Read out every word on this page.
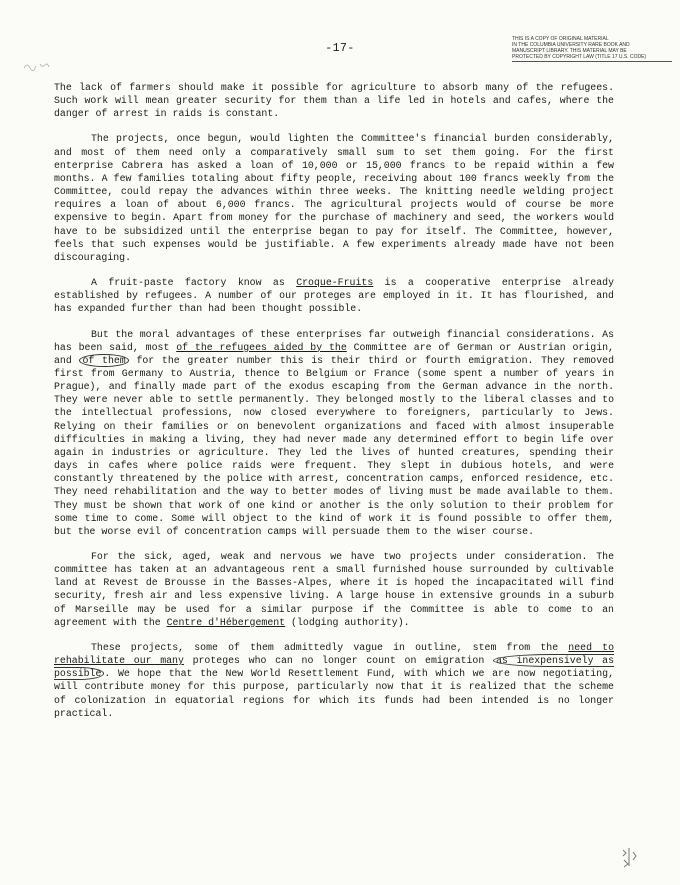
-17-
THIS IS A COPY OF ORIGINAL MATERIAL
IN THE COLUMBIA UNIVERSITY RARE BOOK AND
MANUSCRIPT LIBRARY. THIS MATERIAL MAY BE
PROTECTED BY COPYRIGHT LAW (TITLE 17 U.S. CODE)

The lack of farmers should make it possible for agriculture to absorb many of the refugees. Such work will mean greater security for them than a life led in hotels and cafes, where the danger of arrest in raids is constant.

The projects, once begun, would lighten the Committee's financial burden considerably, and most of them need only a comparatively small sum to set them going. For the first enterprise Cabrera has asked a loan of 10,000 or 15,000 francs to be repaid within a few months. A few families totaling about fifty people, receiving about 100 francs weekly from the Committee, could repay the advances within three weeks. The knitting needle welding project requires a loan of about 6,000 francs. The agricultural projects would of course be more expensive to begin. Apart from money for the purchase of machinery and seed, the workers would have to be subsidized until the enterprise began to pay for itself. The Committee, however, feels that such expenses would be justifiable. A few experiments already made have not been discouraging.

A fruit-paste factory know as Croque-Fruits is a cooperative enterprise already established by refugees. A number of our proteges are employed in it. It has flourished, and has expanded further than had been thought possible.

But the moral advantages of these enterprises far outweigh financial considerations. As has been said, most of the refugees aided by the Committee are of German or Austrian origin, and of them for the greater number this is their third or fourth emigration. They removed first from Germany to Austria, thence to Belgium or France (some spent a number of years in Prague), and finally made part of the exodus escaping from the German advance in the north. They were never able to settle permanently. They belonged mostly to the liberal classes and to the intellectual professions, now closed everywhere to foreigners, particularly to Jews. Relying on their families or on benevolent organizations and faced with almost insuperable difficulties in making a living, they had never made any determined effort to begin life over again in industries or agriculture. They led the lives of hunted creatures, spending their days in cafes where police raids were frequent. They slept in dubious hotels, and were constantly threatened by the police with arrest, concentration camps, enforced residence, etc. They need rehabilitation and the way to better modes of living must be made available to them. They must be shown that work of one kind or another is the only solution to their problem for some time to come. Some will object to the kind of work it is found possible to offer them, but the worse evil of concentration camps will persuade them to the wiser course.

For the sick, aged, weak and nervous we have two projects under consideration. The committee has taken at an advantageous rent a small furnished house surrounded by cultivable land at Revest de Brousse in the Basses-Alpes, where it is hoped the incapacitated will find security, fresh air and less expensive living. A large house in extensive grounds in a suburb of Marseille may be used for a similar purpose if the Committee is able to come to an agreement with the Centre d'Hébergement (lodging authority).

These projects, some of them admittedly vague in outline, stem from the need to rehabilitate our many proteges who can no longer count on emigration as inexpensively as possible . We hope that the New World Resettlement Fund, with which we are now negotiating, will contribute money for this purpose, particularly now that it is realized that the scheme of colonization in equatorial regions for which its funds had been intended is no longer practical.
